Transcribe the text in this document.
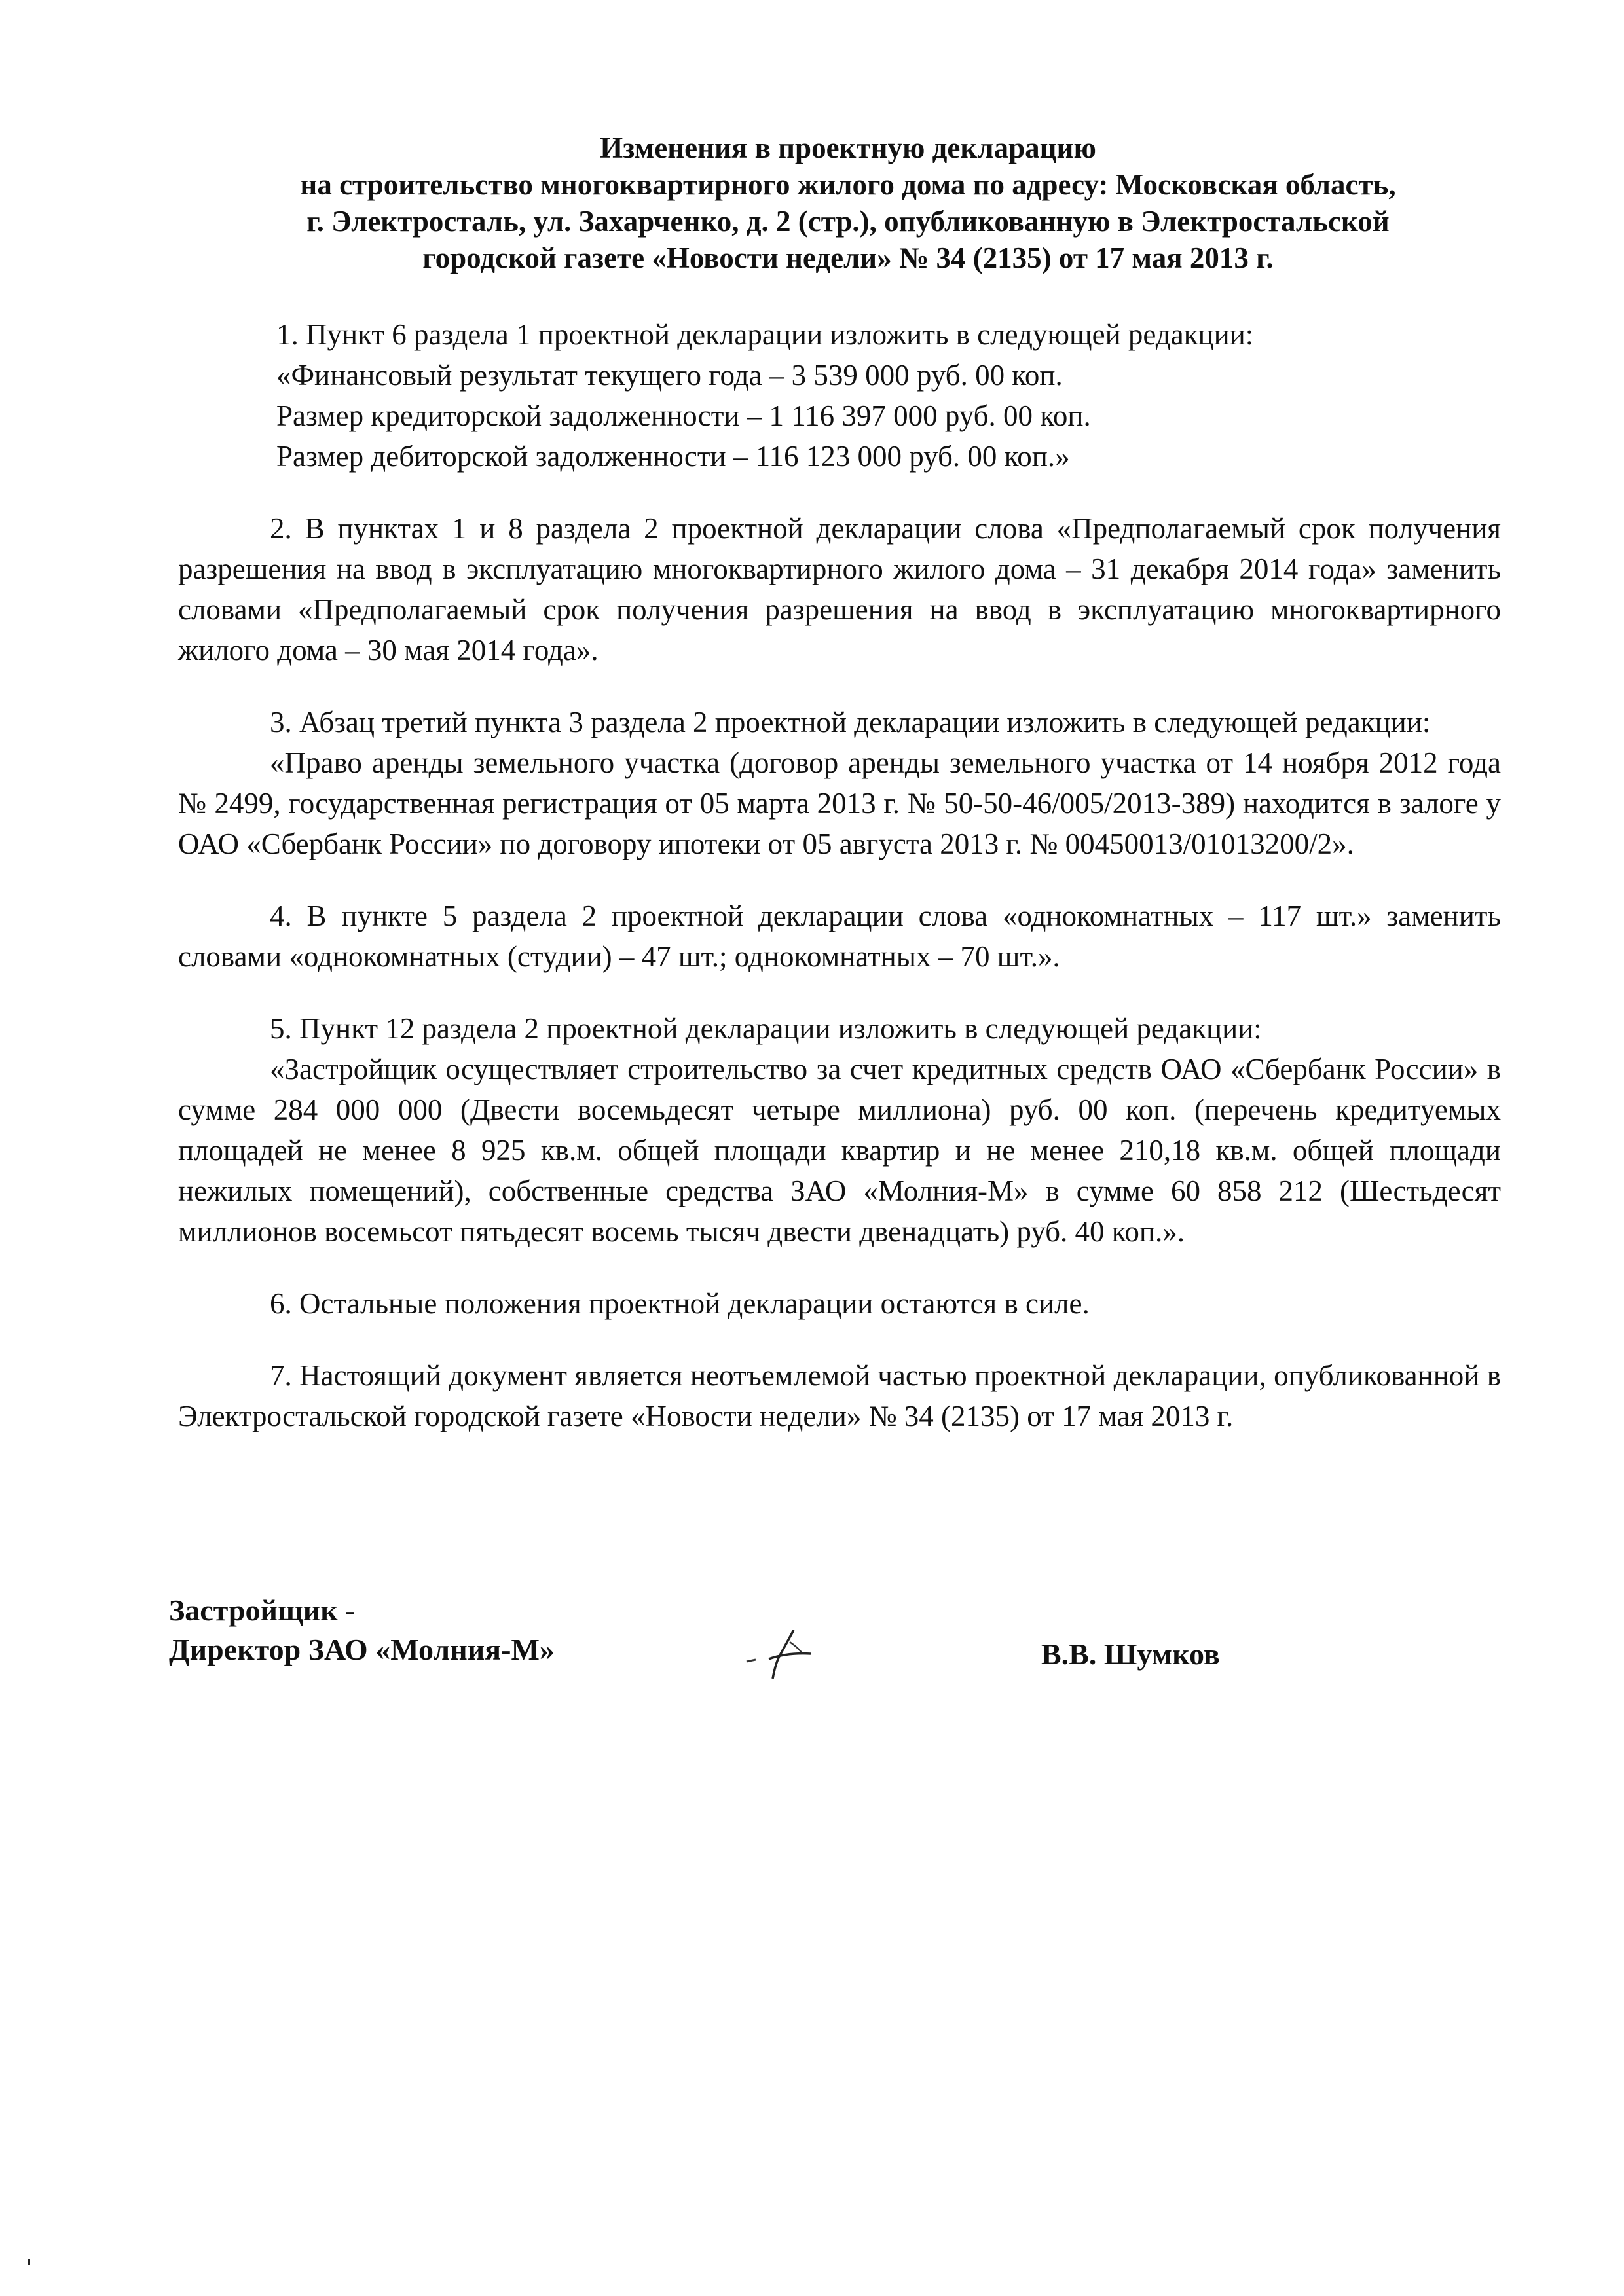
Изменения в проектную декларацию
на строительство многоквартирного жилого дома по адресу: Московская область,
г. Электросталь, ул. Захарченко, д. 2 (стр.), опубликованную в Электростальской
городской газете «Новости недели» № 34 (2135) от 17 мая 2013 г.
1. Пункт 6 раздела 1 проектной декларации изложить в следующей редакции:
«Финансовый результат текущего года – 3 539 000 руб. 00 коп.
Размер кредиторской задолженности – 1 116 397 000 руб. 00 коп.
Размер дебиторской задолженности – 116 123 000 руб. 00 коп.»
2. В пунктах 1 и 8 раздела 2 проектной декларации слова «Предполагаемый срок получения разрешения на ввод в эксплуатацию многоквартирного жилого дома – 31 декабря 2014 года» заменить словами «Предполагаемый срок получения разрешения на ввод в эксплуатацию многоквартирного жилого дома – 30 мая 2014 года».
3. Абзац третий пункта 3 раздела 2 проектной декларации изложить в следующей редакции:
«Право аренды земельного участка (договор аренды земельного участка от 14 ноября 2012 года № 2499, государственная регистрация от 05 марта 2013 г. № 50-50-46/005/2013-389) находится в залоге у ОАО «Сбербанк России» по договору ипотеки от 05 августа 2013 г. № 00450013/01013200/2».
4. В пункте 5 раздела 2 проектной декларации слова «однокомнатных – 117 шт.» заменить словами «однокомнатных (студии) – 47 шт.; однокомнатных – 70 шт.».
5. Пункт 12 раздела 2 проектной декларации изложить в следующей редакции:
«Застройщик осуществляет строительство за счет кредитных средств ОАО «Сбербанк России» в сумме 284 000 000 (Двести восемьдесят четыре миллиона) руб. 00 коп. (перечень кредитуемых площадей не менее 8 925 кв.м. общей площади квартир и не менее 210,18 кв.м. общей площади нежилых помещений), собственные средства ЗАО «Молния-М» в сумме 60 858 212 (Шестьдесят миллионов восемьсот пятьдесят восемь тысяч двести двенадцать) руб. 40 коп.».
6. Остальные положения проектной декларации остаются в силе.
7. Настоящий документ является неотъемлемой частью проектной декларации, опубликованной в Электростальской городской газете «Новости недели» № 34 (2135) от 17 мая 2013 г.
Застройщик -
Директор ЗАО «Молния-М»	В.В. Шумков
